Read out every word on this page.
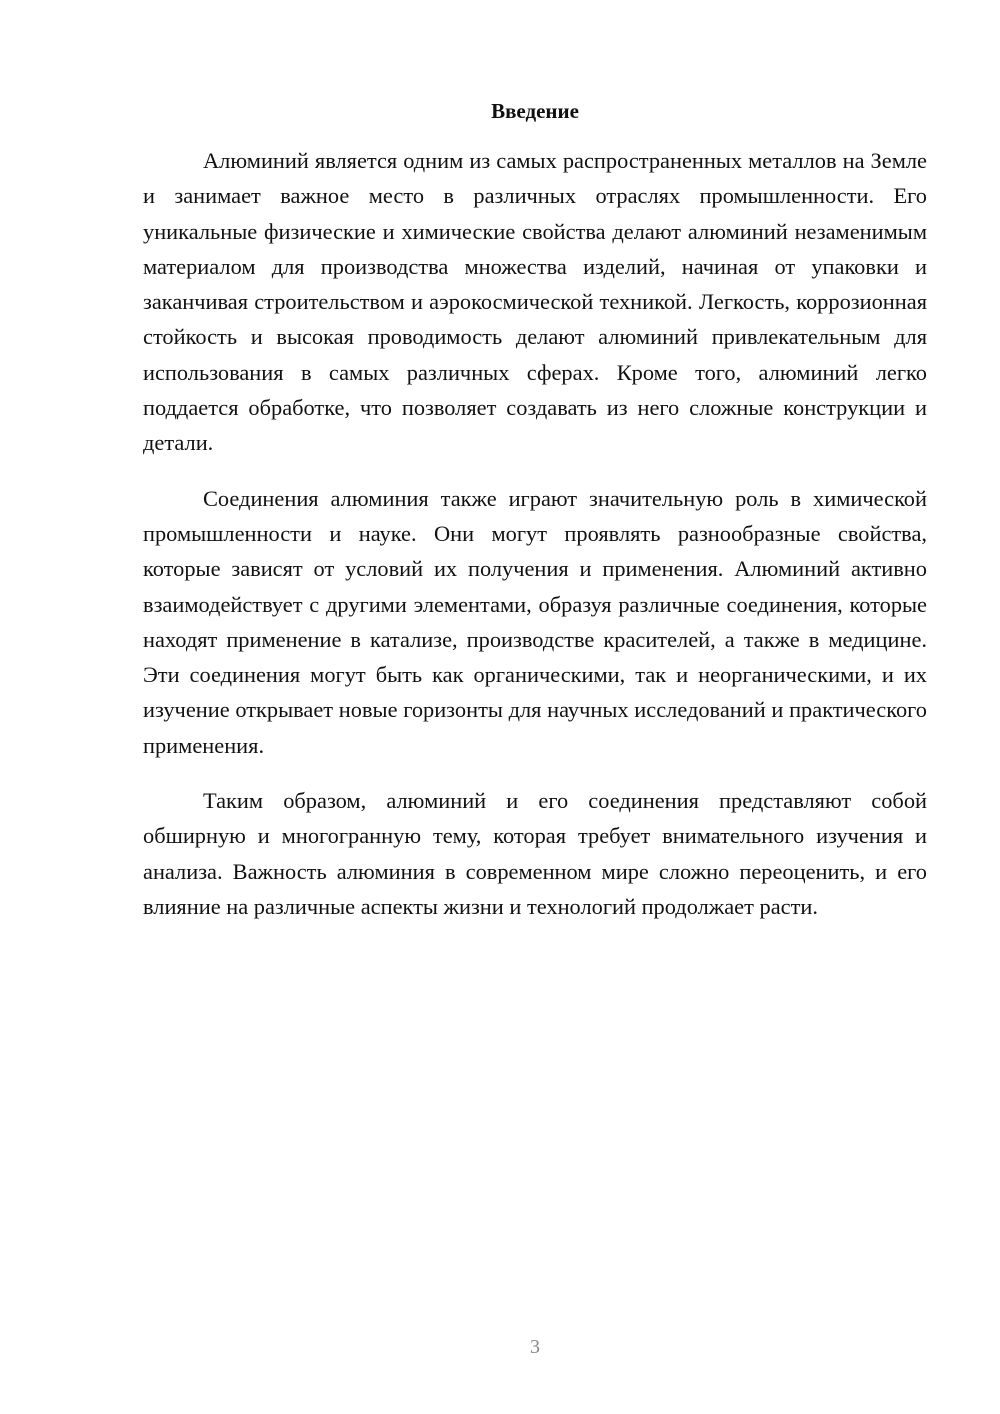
Введение

Алюминий является одним из самых распространенных металлов на Земле и занимает важное место в различных отраслях промышленности. Его уникальные физические и химические свойства делают алюминий незаменимым материалом для производства множества изделий, начиная от упаковки и заканчивая строительством и аэрокосмической техникой. Легкость, коррозионная стойкость и высокая проводимость делают алюминий привлекательным для использования в самых различных сферах. Кроме того, алюминий легко поддается обработке, что позволяет создавать из него сложные конструкции и детали.

Соединения алюминия также играют значительную роль в химической промышленности и науке. Они могут проявлять разнообразные свойства, которые зависят от условий их получения и применения. Алюминий активно взаимодействует с другими элементами, образуя различные соединения, которые находят применение в катализе, производстве красителей, а также в медицине. Эти соединения могут быть как органическими, так и неорганическими, и их изучение открывает новые горизонты для научных исследований и практического применения.

Таким образом, алюминий и его соединения представляют собой обширную и многогранную тему, которая требует внимательного изучения и анализа. Важность алюминия в современном мире сложно переоценить, и его влияние на различные аспекты жизни и технологий продолжает расти.

3
